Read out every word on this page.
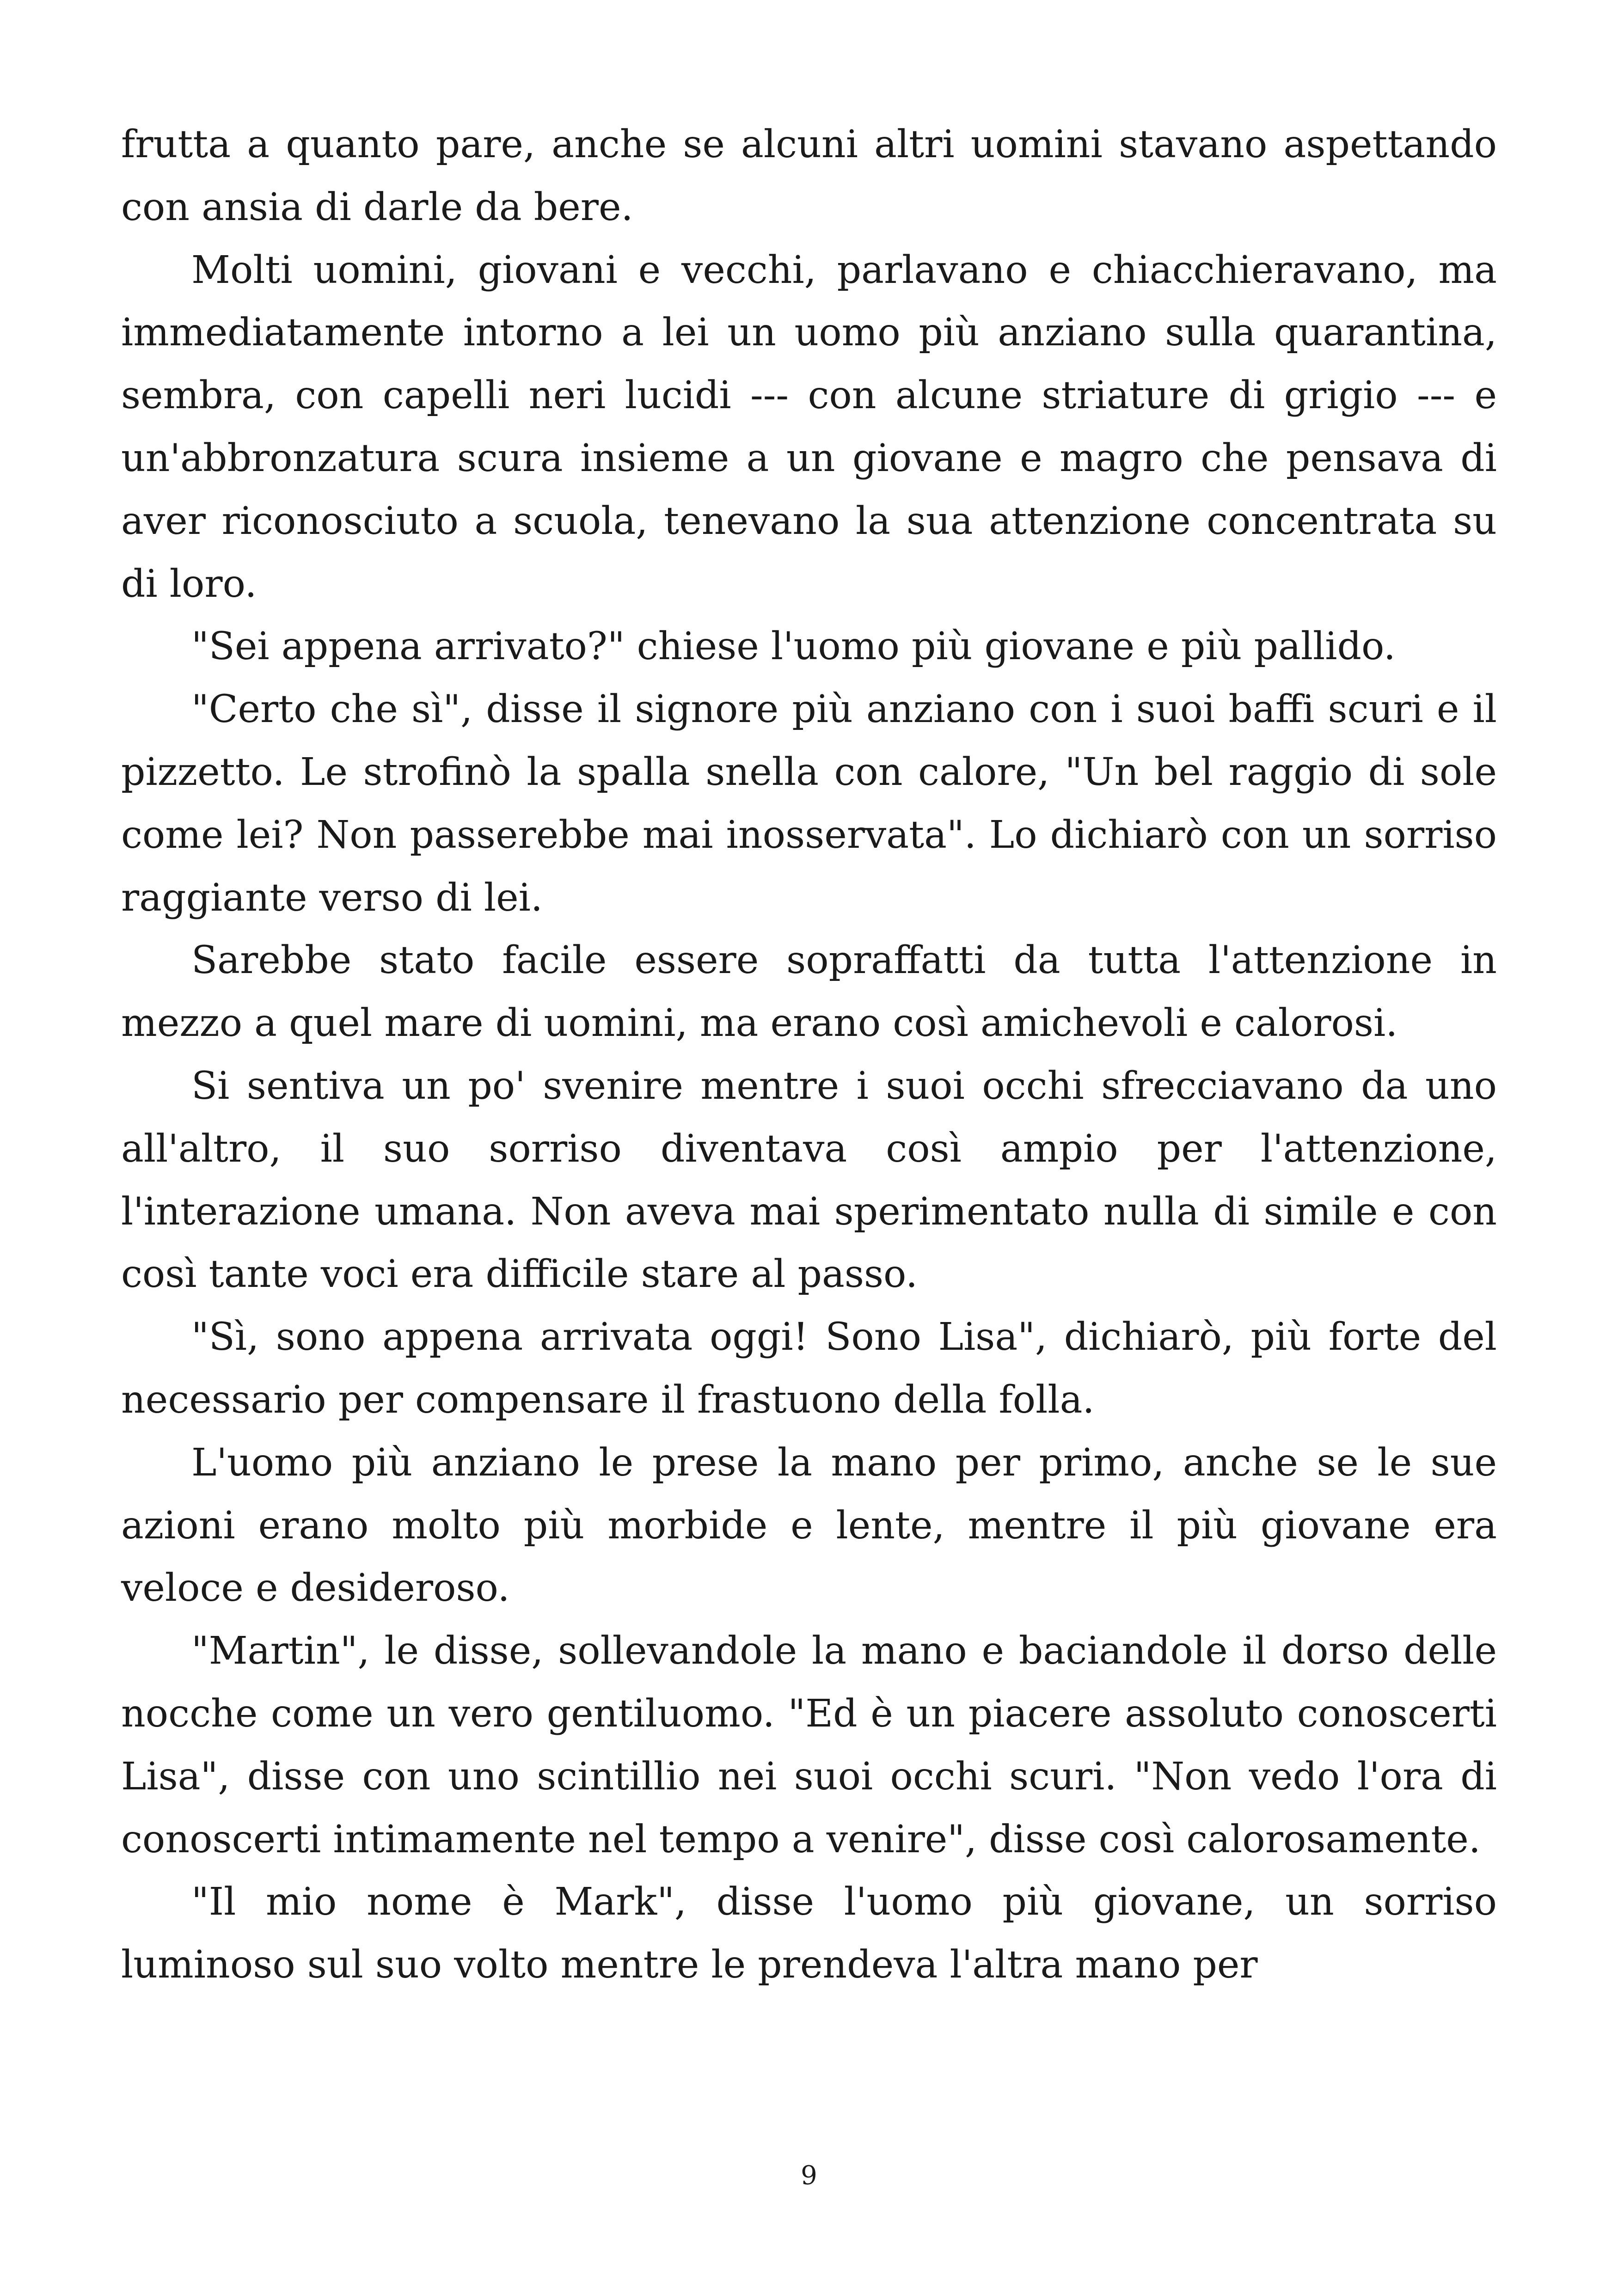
frutta a quanto pare, anche se alcuni altri uomini stavano aspettando con ansia di darle da bere.

Molti uomini, giovani e vecchi, parlavano e chiacchieravano, ma immediatamente intorno a lei un uomo più anziano sulla quarantina, sembra, con capelli neri lucidi --- con alcune striature di grigio --- e un'abbronzatura scura insieme a un giovane e magro che pensava di aver riconosciuto a scuola, tenevano la sua attenzione concentrata su di loro.

"Sei appena arrivato?" chiese l'uomo più giovane e più pallido.

"Certo che sì", disse il signore più anziano con i suoi baffi scuri e il pizzetto. Le strofinò la spalla snella con calore, "Un bel raggio di sole come lei? Non passerebbe mai inosservata". Lo dichiarò con un sorriso raggiante verso di lei.

Sarebbe stato facile essere sopraffatti da tutta l'attenzione in mezzo a quel mare di uomini, ma erano così amichevoli e calorosi.

Si sentiva un po' svenire mentre i suoi occhi sfrecciavano da uno all'altro, il suo sorriso diventava così ampio per l'attenzione, l'interazione umana. Non aveva mai sperimentato nulla di simile e con così tante voci era difficile stare al passo.

"Sì, sono appena arrivata oggi! Sono Lisa", dichiarò, più forte del necessario per compensare il frastuono della folla.

L'uomo più anziano le prese la mano per primo, anche se le sue azioni erano molto più morbide e lente, mentre il più giovane era veloce e desideroso.

"Martin", le disse, sollevandole la mano e baciandole il dorso delle nocche come un vero gentiluomo. "Ed è un piacere assoluto conoscerti Lisa", disse con uno scintillio nei suoi occhi scuri. "Non vedo l'ora di conoscerti intimamente nel tempo a venire", disse così calorosamente.

"Il mio nome è Mark", disse l'uomo più giovane, un sorriso luminoso sul suo volto mentre le prendeva l'altra mano per

9
